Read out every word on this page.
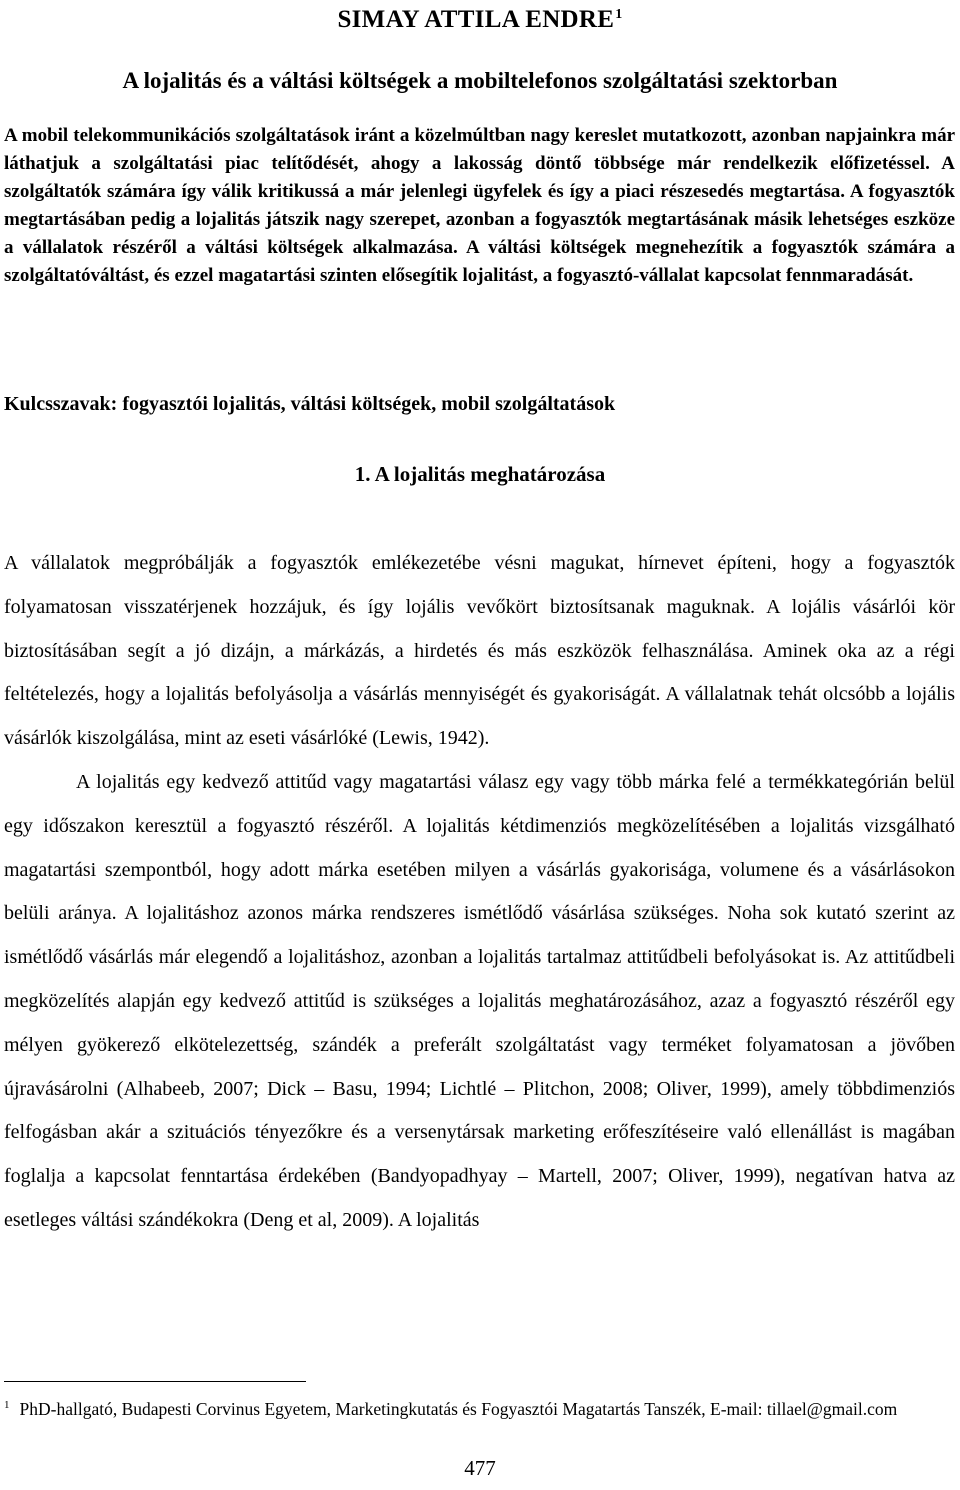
SIMAY ATTILA ENDRE$^1$
A lojalitás és a váltási költségek a mobiltelefonos szolgáltatási szektorban

A mobil telekommunikációs szolgáltatások iránt a közelmúltban nagy kereslet mutatkozott, azonban napjainkra már láthatjuk a szolgáltatási piac telítődését, ahogy a lakosság döntő többsége már rendelkezik előfizetéssel. A szolgáltatók számára így válik kritikussá a már jelenlegi ügyfelek és így a piaci részesedés megtartása. A fogyasztók megtartásában pedig a lojalitás játszik nagy szerepet, azonban a fogyasztók megtartásának másik lehetséges eszköze a vállalatok részéről a váltási költségek alkalmazása. A váltási költségek megnehezítik a fogyasztók számára a szolgáltatóváltást, és ezzel magatartási szinten elősegítik lojalitást, a fogyasztó-vállalat kapcsolat fennmaradását.

Kulcsszavak: fogyasztói lojalitás, váltási költségek, mobil szolgáltatások

1. A lojalitás meghatározása

A vállalatok megpróbálják a fogyasztók emlékezetébe vésni magukat, hírnevet építeni, hogy a fogyasztók folyamatosan visszatérjenek hozzájuk, és így lojális vevőkört biztosítsanak maguknak. A lojális vásárlói kör biztosításában segít a jó dizájn, a márkázás, a hirdetés és más eszközök felhasználása. Aminek oka az a régi feltételezés, hogy a lojalitás befolyásolja a vásárlás mennyiségét és gyakoriságát. A vállalatnak tehát olcsóbb a lojális vásárlók kiszolgálása, mint az eseti vásárlóké (Lewis, 1942).

A lojalitás egy kedvező attitűd vagy magatartási válasz egy vagy több márka felé a termékkategórián belül egy időszakon keresztül a fogyasztó részéről. A lojalitás kétdimenziós megközelítésében a lojalitás vizsgálható magatartási szempontból, hogy adott márka esetében milyen a vásárlás gyakorisága, volumene és a vásárlásokon belüli aránya. A lojalitáshoz azonos márka rendszeres ismétlődő vásárlása szükséges. Noha sok kutató szerint az ismétlődő vásárlás már elegendő a lojalitáshoz, azonban a lojalitás tartalmaz attitűdbeli befolyásokat is. Az attitűdbeli megközelítés alapján egy kedvező attitűd is szükséges a lojalitás meghatározásához, azaz a fogyasztó részéről egy mélyen gyökerező elkötelezettség, szándék a preferált szolgáltatást vagy terméket folyamatosan a jövőben újravásárolni (Alhabeeb, 2007; Dick – Basu, 1994; Lichtlé – Plitchon, 2008; Oliver, 1999), amely többdimenziós felfogásban akár a szituációs tényezőkre és a versenytársak marketing erőfeszítéseire való ellenállást is magában foglalja a kapcsolat fenntartása érdekében (Bandyopadhyay – Martell, 2007; Oliver, 1999), negatívan hatva az esetleges váltási szándékokra (Deng et al, 2009). A lojalitás

$^1$ PhD-hallgató, Budapesti Corvinus Egyetem, Marketingkutatás és Fogyasztói Magatartás Tanszék, E-mail: tillael@gmail.com

477
